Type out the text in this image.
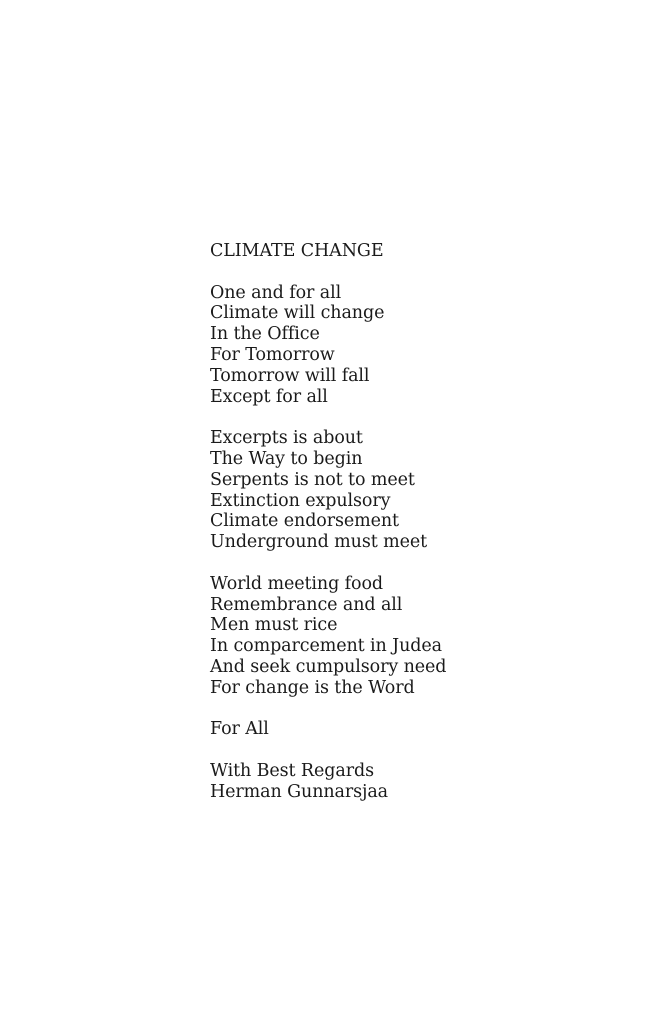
CLIMATE CHANGE
One and for all
Climate will change
In the Office
For Tomorrow
Tomorrow will fall
Except for all
Excerpts is about
The Way to begin
Serpents is not to meet
Extinction expulsory
Climate endorsement
Underground must meet
World meeting food
Remembrance and all
Men must rice
In comparcement in Judea
And seek cumpulsory need
For change is the Word
For All
With Best Regards
Herman Gunnarsjaa
